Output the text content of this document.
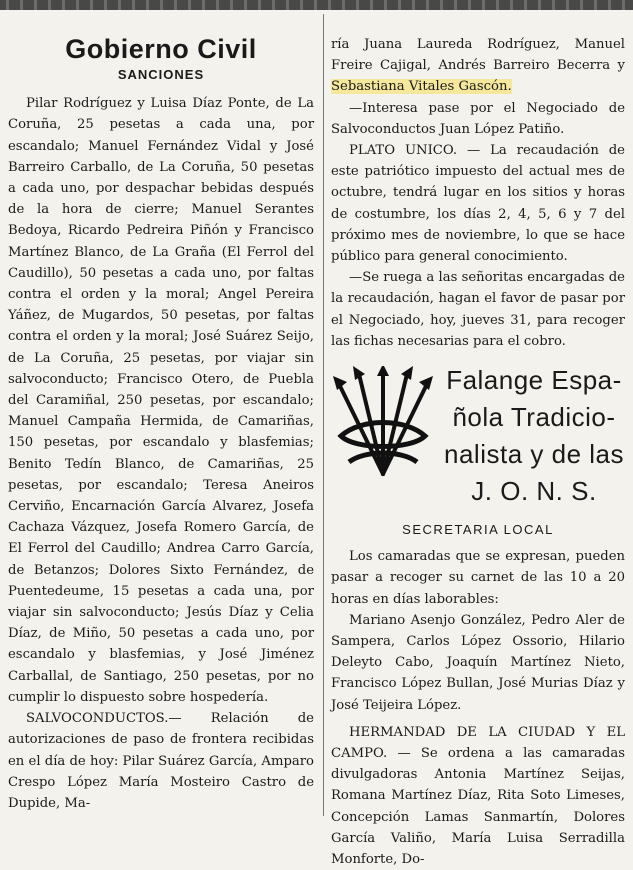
Gobierno Civil
SANCIONES

Pilar Rodríguez y Luisa Díaz Ponte, de La Coruña, 25 pesetas a cada una, por escandalo; Manuel Fernández Vidal y José Barreiro Carballo, de La Coruña, 50 pesetas a cada uno, por despachar bebidas después de la hora de cierre; Manuel Serantes Bedoya, Ricardo Pedreira Piñón y Francisco Martínez Blanco, de La Graña (El Ferrol del Caudillo), 50 pesetas a cada uno, por faltas contra el orden y la moral; Angel Pereira Yáñez, de Mugardos, 50 pesetas, por faltas contra el orden y la moral; José Suárez Seijo, de La Coruña, 25 pesetas, por viajar sin salvoconducto; Francisco Otero, de Puebla del Caramiñal, 250 pesetas, por escandalo; Manuel Campaña Hermida, de Camariñas, 150 pesetas, por escandalo y blasfemias; Benito Tedín Blanco, de Camariñas, 25 pesetas, por escandalo; Teresa Aneiros Cerviño, Encarnación García Alvarez, Josefa Cachaza Vázquez, Josefa Romero García, de El Ferrol del Caudillo; Andrea Carro García, de Betanzos; Dolores Sixto Fernández, de Puentedeume, 15 pesetas a cada una, por viajar sin salvoconducto; Jesús Díaz y Celia Díaz, de Miño, 50 pesetas a cada uno, por escandalo y blasfemias, y José Jiménez Carballal, de Santiago, 250 pesetas, por no cumplir lo dispuesto sobre hospedería.

SALVOCONDUCTOS.— Relación de autorizaciones de paso de frontera recibidas en el día de hoy: Pilar Suárez García, Amparo Crespo López María Mosteiro Castro de Dupide, Ma-

ría Juana Laureda Rodríguez, Manuel Freire Cajigal, Andrés Barreiro Becerra y Sebastiana Vitales Gascón.

—Interesa pase por el Negociado de Salvoconductos Juan López Patiño.

PLATO UNICO. — La recaudación de este patriótico impuesto del actual mes de octubre, tendrá lugar en los sitios y horas de costumbre, los días 2, 4, 5, 6 y 7 del próximo mes de noviembre, lo que se hace público para general conocimiento.

—Se ruega a las señoritas encargadas de la recaudación, hagan el favor de pasar por el Negociado, hoy, jueves 31, para recoger las fichas necesarias para el cobro.

Falange Espa-
ñola Tradicio-
nalista y de las
J. O. N. S.
SECRETARIA LOCAL

Los camaradas que se expresan, pueden pasar a recoger su carnet de las 10 a 20 horas en días laborables:

Mariano Asenjo González, Pedro Aler de Sampera, Carlos López Ossorio, Hilario Deleyto Cabo, Joaquín Martínez Nieto, Francisco López Bullan, José Murias Díaz y José Teijeira López.

HERMANDAD DE LA CIUDAD Y EL CAMPO. — Se ordena a las camaradas divulgadoras Antonia Martínez Seijas, Romana Martínez Díaz, Rita Soto Limeses, Concepción Lamas Sanmartín, Dolores García Valiño, María Luisa Serradilla Monforte, Do-
